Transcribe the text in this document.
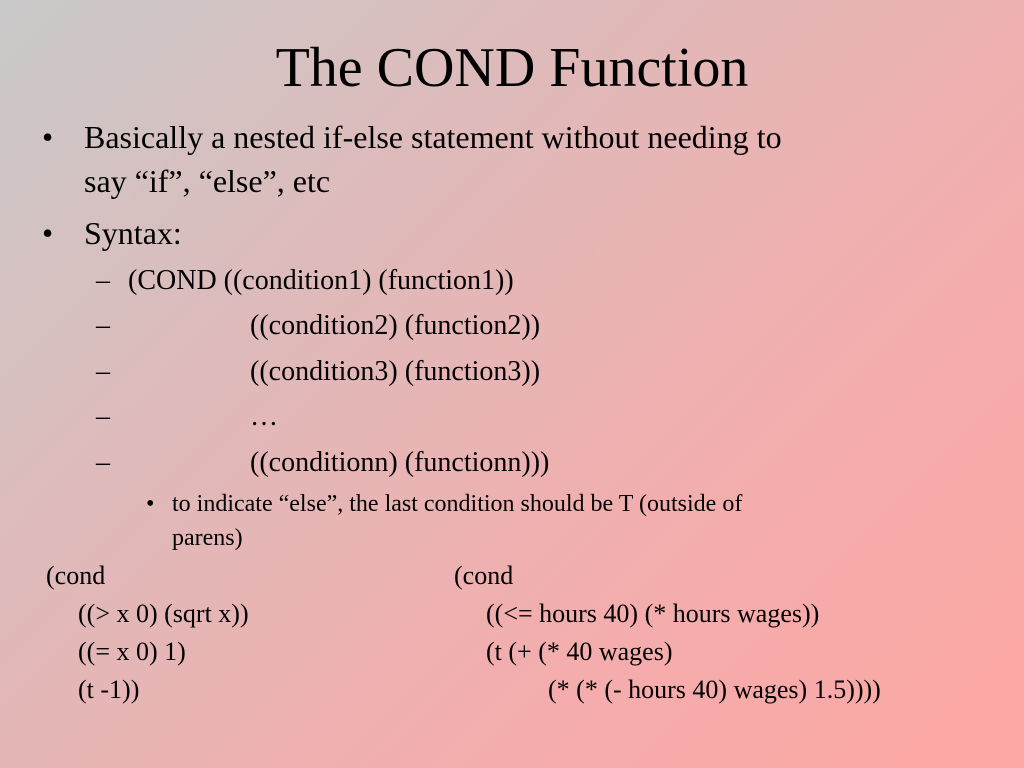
The COND Function
• Basically a nested if-else statement without needing to
say “if”, “else”, etc
• Syntax:
– (COND ((condition1) (function1))
–	((condition2) (function2))
–	((condition3) (function3))
–	…
–	((conditionn) (functionn)))
• to indicate “else”, the last condition should be T (outside of
parens)
(cond
((> x 0) (sqrt x))
((= x 0) 1)
(t -1))
(cond
((<= hours 40) (* hours wages))
(t (+ (* 40 wages)
(* (* (- hours 40) wages) 1.5))))
